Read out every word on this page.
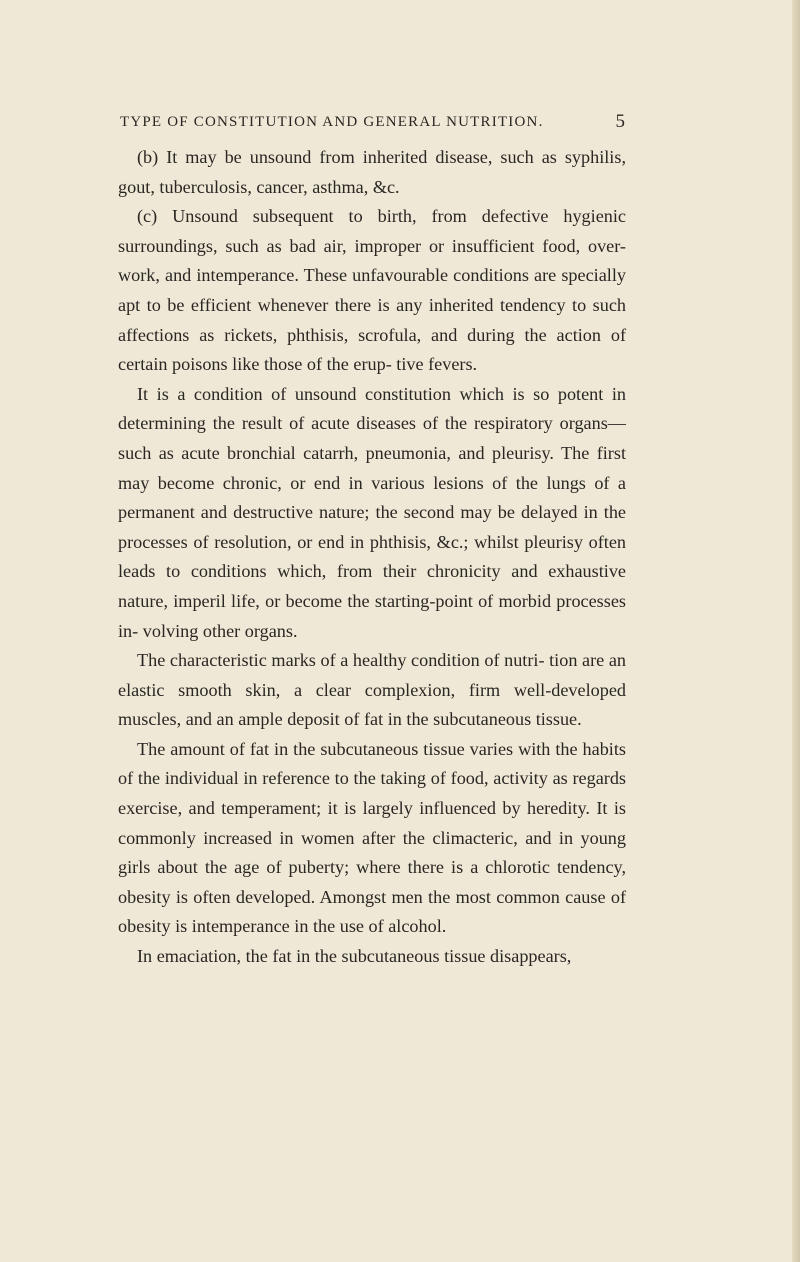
TYPE OF CONSTITUTION AND GENERAL NUTRITION.	5

(b) It may be unsound from inherited disease, such as syphilis, gout, tuberculosis, cancer, asthma, &c.

(c) Unsound subsequent to birth, from defective hygienic surroundings, such as bad air, improper or insufficient food, over-work, and intemperance. These unfavourable conditions are specially apt to be efficient whenever there is any inherited tendency to such affections as rickets, phthisis, scrofula, and during the action of certain poisons like those of the erup- tive fevers.

It is a condition of unsound constitution which is so potent in determining the result of acute diseases of the respiratory organs—such as acute bronchial catarrh, pneumonia, and pleurisy. The first may become chronic, or end in various lesions of the lungs of a permanent and destructive nature; the second may be delayed in the processes of resolution, or end in phthisis, &c.; whilst pleurisy often leads to conditions which, from their chronicity and exhaustive nature, imperil life, or become the starting-point of morbid processes in- volving other organs.

The characteristic marks of a healthy condition of nutri- tion are an elastic smooth skin, a clear complexion, firm well-developed muscles, and an ample deposit of fat in the subcutaneous tissue.

The amount of fat in the subcutaneous tissue varies with the habits of the individual in reference to the taking of food, activity as regards exercise, and temperament; it is largely influenced by heredity. It is commonly increased in women after the climacteric, and in young girls about the age of puberty; where there is a chlorotic tendency, obesity is often developed. Amongst men the most common cause of obesity is intemperance in the use of alcohol.

In emaciation, the fat in the subcutaneous tissue disappears,
